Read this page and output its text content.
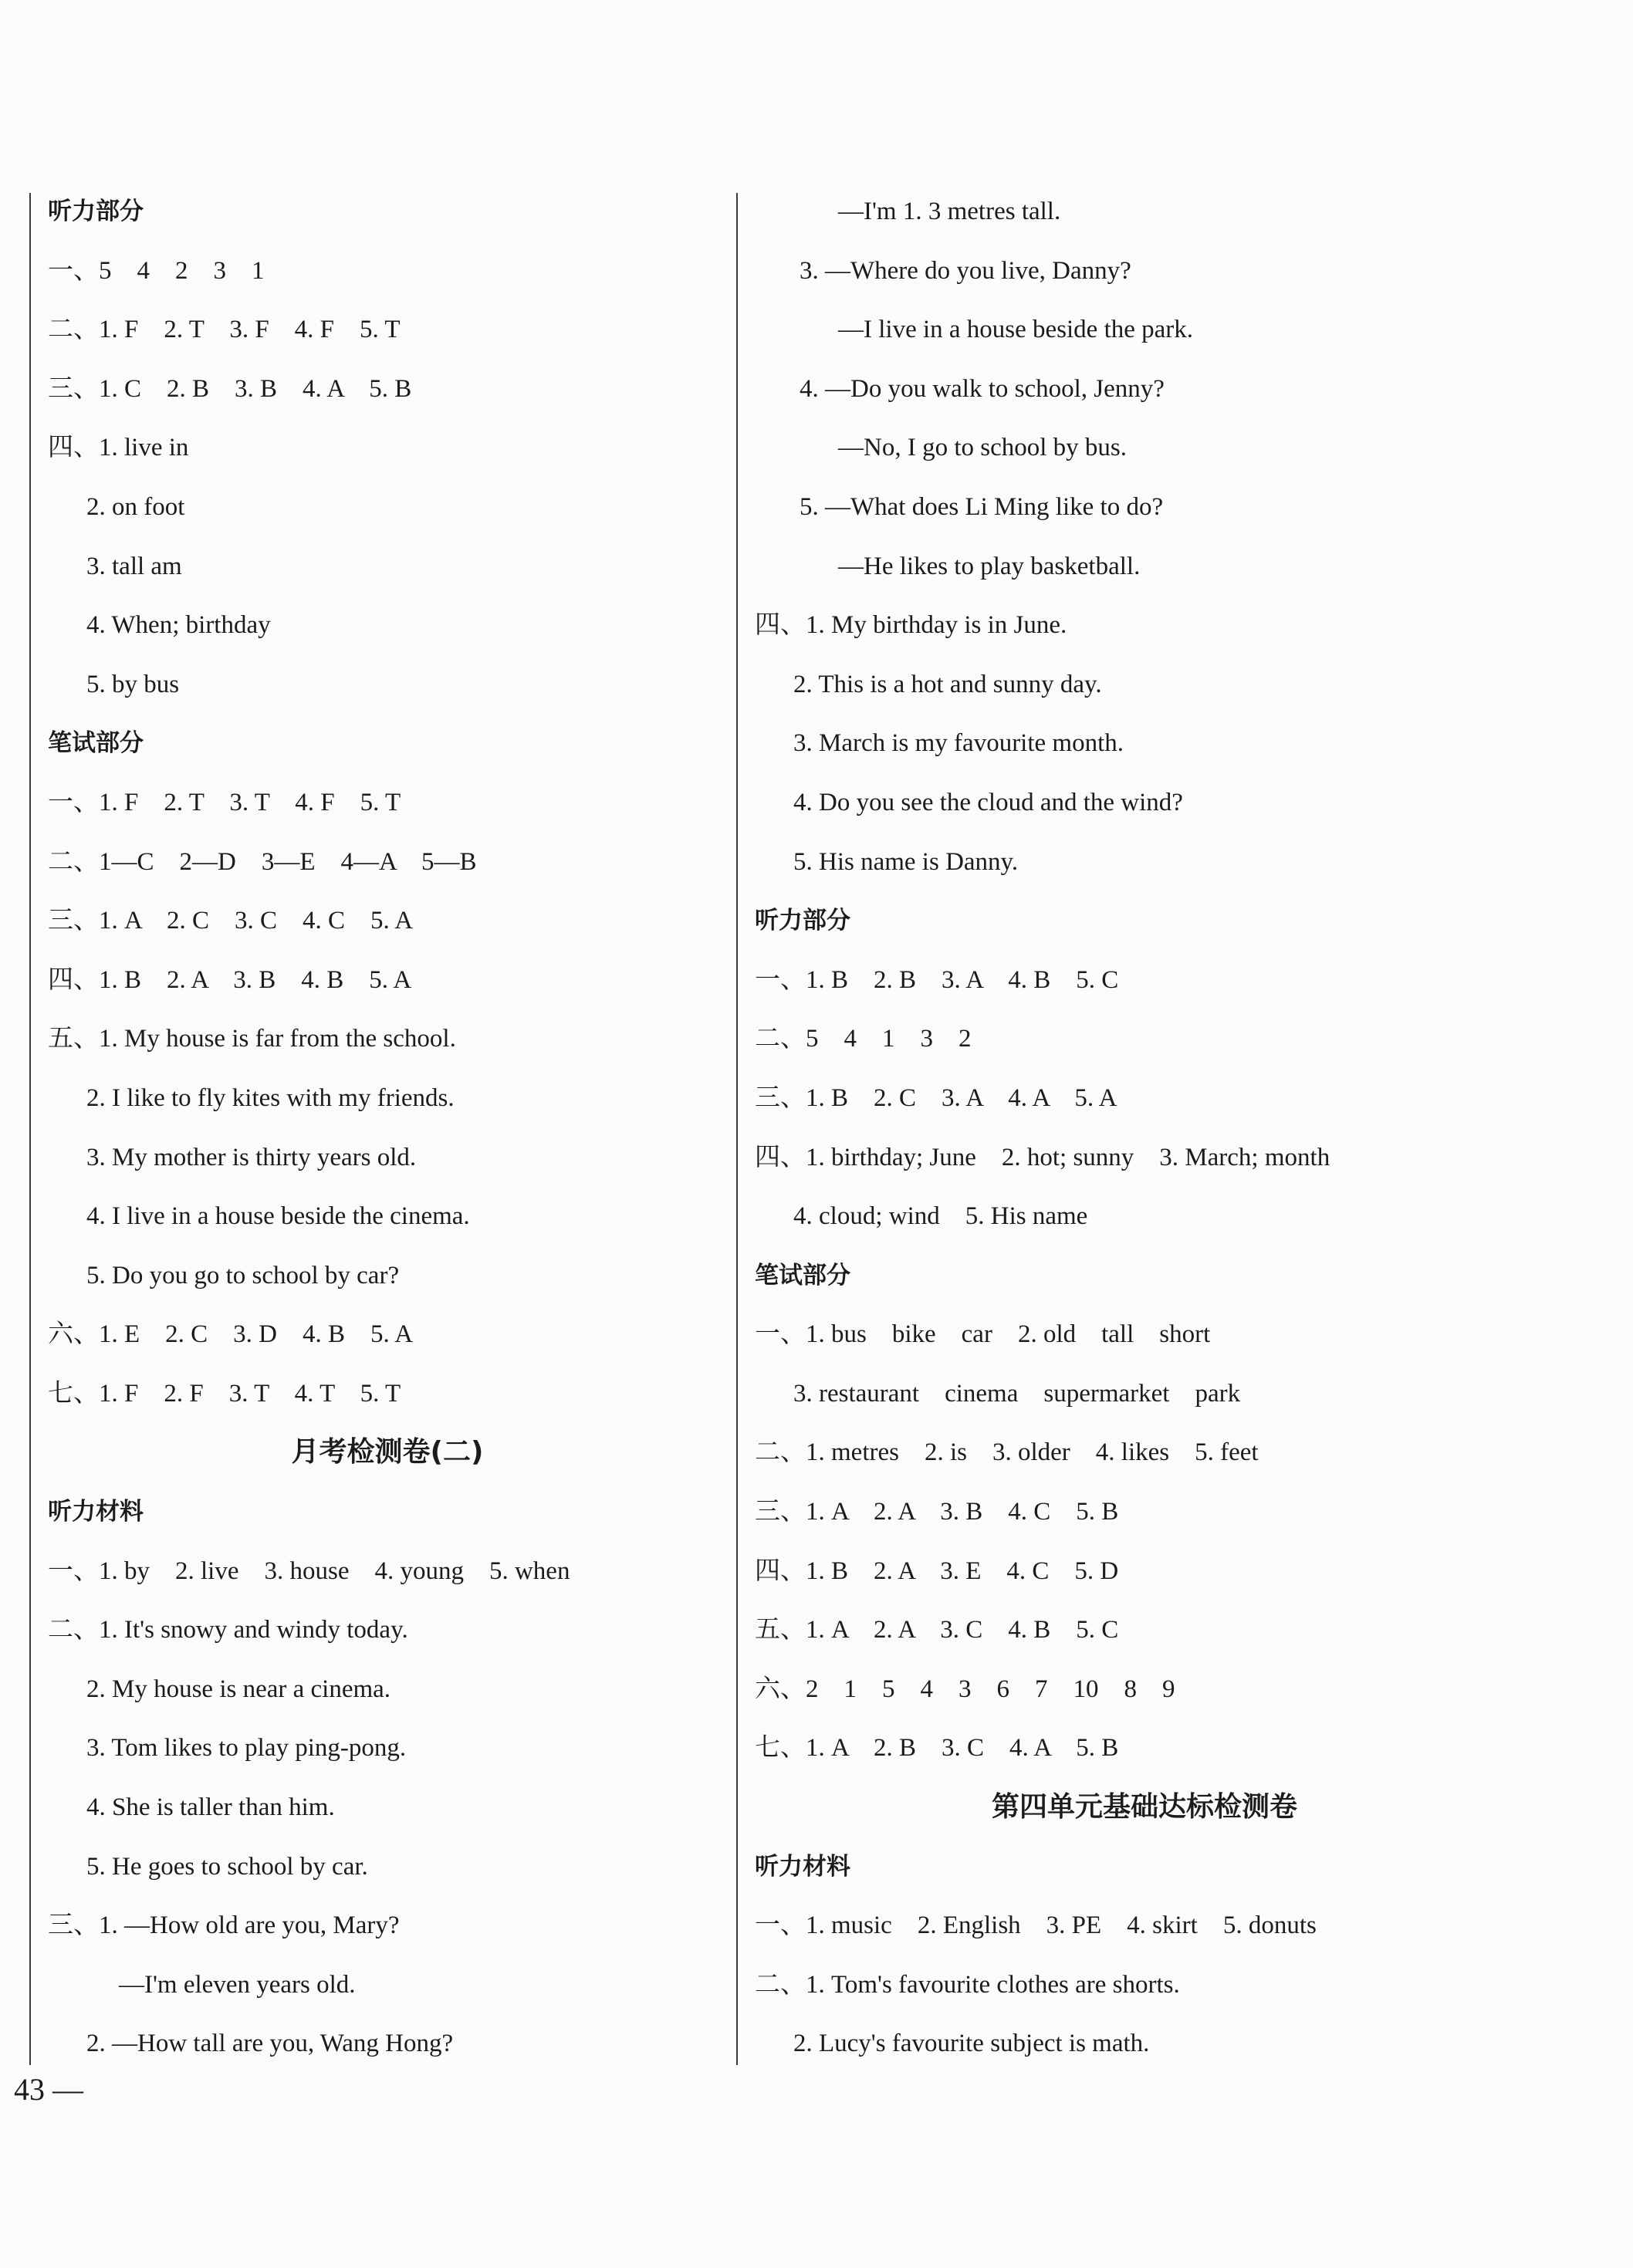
听力部分
一、5　4　2　3　1
二、1. F　2. T　3. F　4. F　5. T
三、1. C　2. B　3. B　4. A　5. B
四、1. live in
2. on foot
3. tall am
4. When; birthday
5. by bus
笔试部分
一、1. F　2. T　3. T　4. F　5. T
二、1—C　2—D　3—E　4—A　5—B
三、1. A　2. C　3. C　4. C　5. A
四、1. B　2. A　3. B　4. B　5. A
五、1. My house is far from the school.
2. I like to fly kites with my friends.
3. My mother is thirty years old.
4. I live in a house beside the cinema.
5. Do you go to school by car?
六、1. E　2. C　3. D　4. B　5. A
七、1. F　2. F　3. T　4. T　5. T
月考检测卷(二)
听力材料
一、1. by　2. live　3. house　4. young　5. when
二、1. It's snowy and windy today.
2. My house is near a cinema.
3. Tom likes to play ping-pong.
4. She is taller than him.
5. He goes to school by car.
三、1. —How old are you, Mary?
—I'm eleven years old.
2. —How tall are you, Wang Hong?
—I'm 1. 3 metres tall.
3. —Where do you live, Danny?
—I live in a house beside the park.
4. —Do you walk to school, Jenny?
—No, I go to school by bus.
5. —What does Li Ming like to do?
—He likes to play basketball.
四、1. My birthday is in June.
2. This is a hot and sunny day.
3. March is my favourite month.
4. Do you see the cloud and the wind?
5. His name is Danny.
听力部分
一、1. B　2. B　3. A　4. B　5. C
二、5　4　1　3　2
三、1. B　2. C　3. A　4. A　5. A
四、1. birthday; June　2. hot; sunny　3. March; month
4. cloud; wind　5. His name
笔试部分
一、1. bus　bike　car　2. old　tall　short
3. restaurant　cinema　supermarket　park
二、1. metres　2. is　3. older　4. likes　5. feet
三、1. A　2. A　3. B　4. C　5. B
四、1. B　2. A　3. E　4. C　5. D
五、1. A　2. A　3. C　4. B　5. C
六、2　1　5　4　3　6　7　10　8　9
七、1. A　2. B　3. C　4. A　5. B
第四单元基础达标检测卷
听力材料
一、1. music　2. English　3. PE　4. skirt　5. donuts
二、1. Tom's favourite clothes are shorts.
2. Lucy's favourite subject is math.
43 —
